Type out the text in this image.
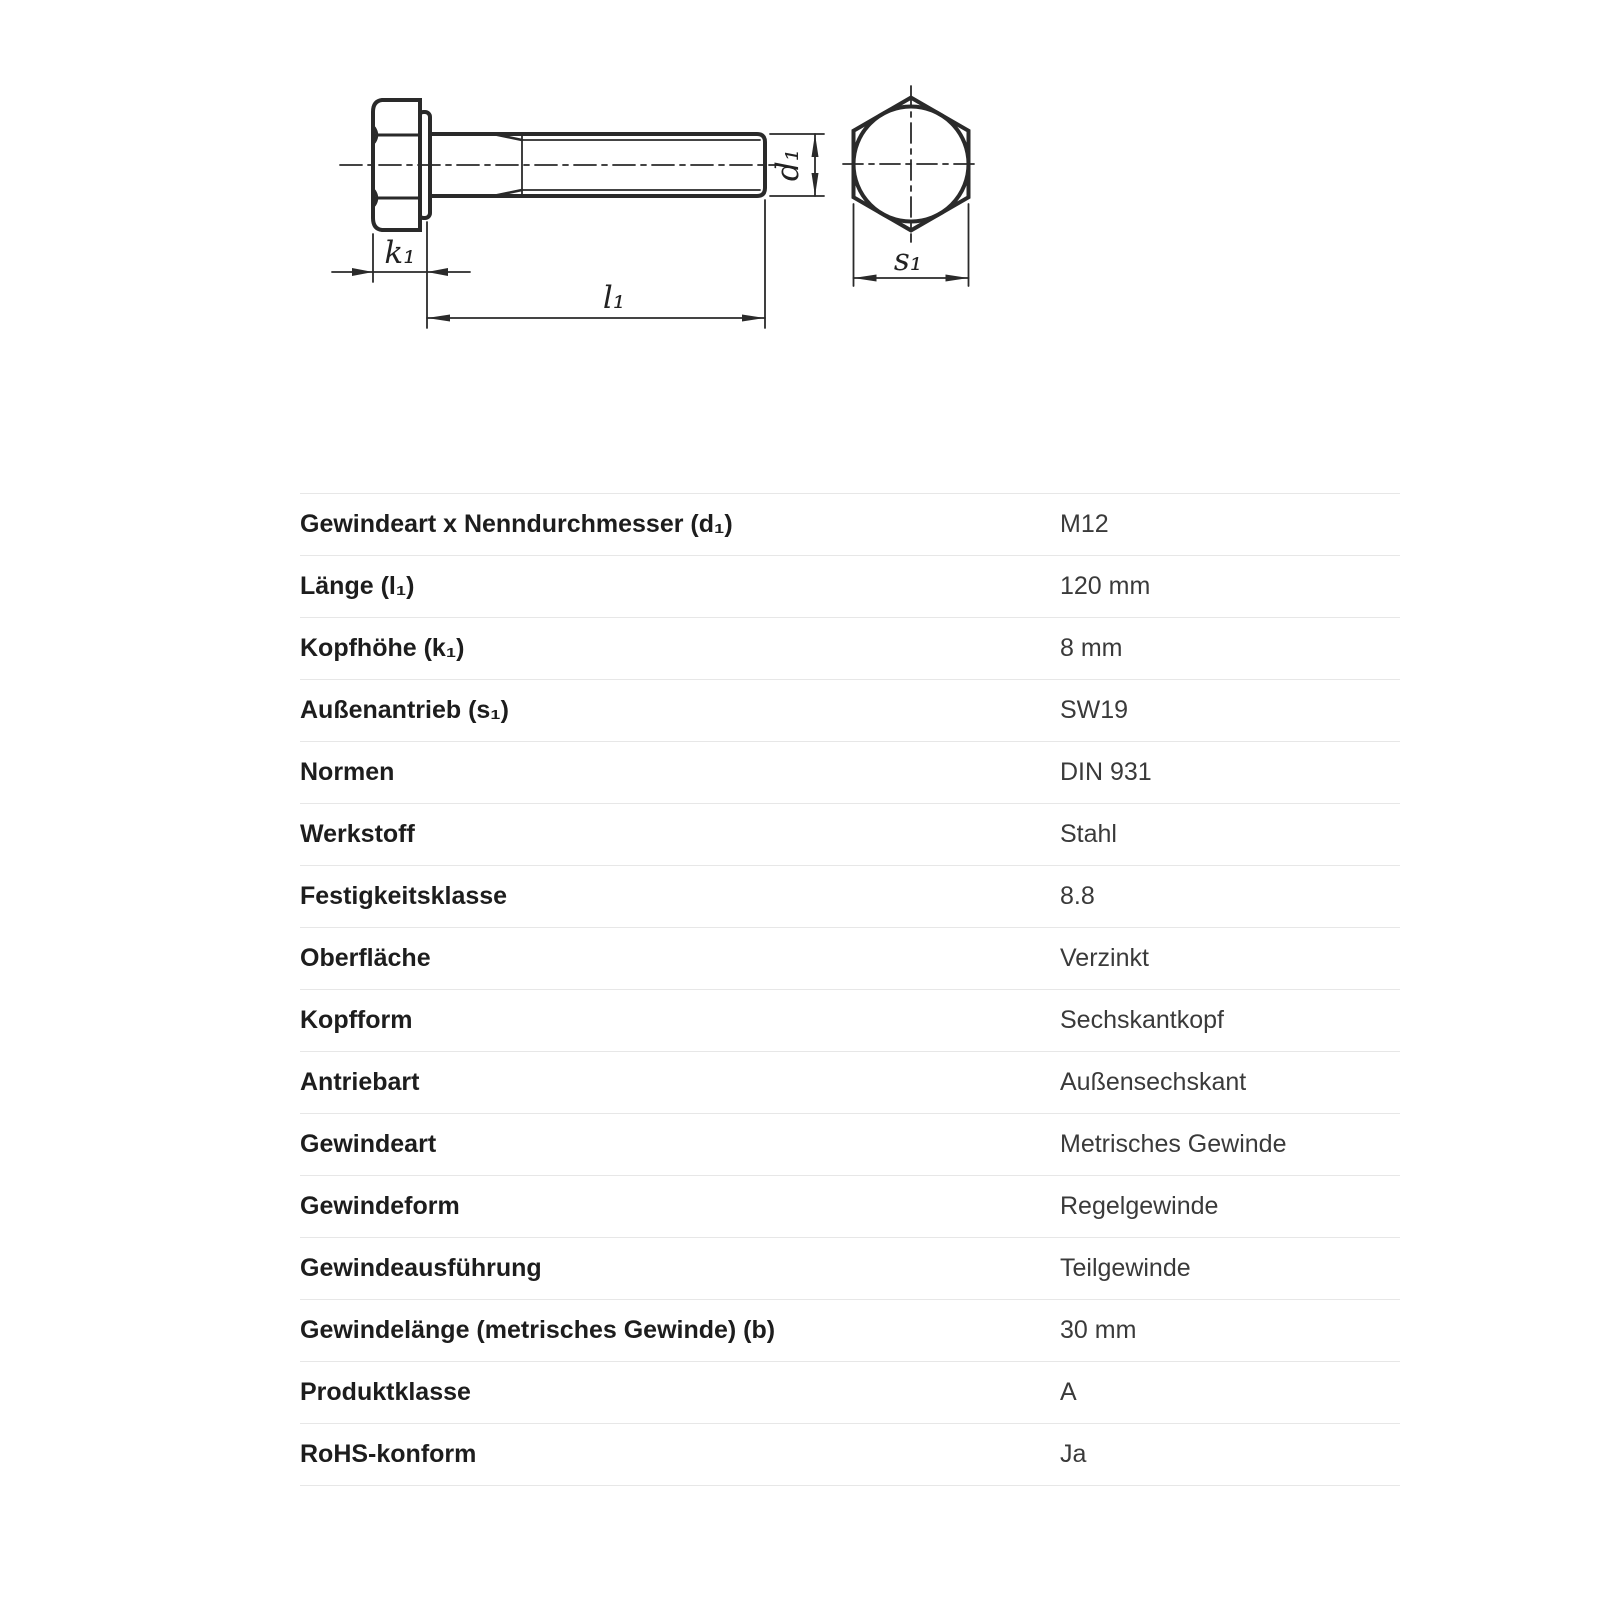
k₁
l₁
d₁
s₁
Gewindeart x Nenndurchmesser (d₁)	M12
Länge (l₁)	120 mm
Kopfhöhe (k₁)	8 mm
Außenantrieb (s₁)	SW19
Normen	DIN 931
Werkstoff	Stahl
Festigkeitsklasse	8.8
Oberfläche	Verzinkt
Kopfform	Sechskantkopf
Antriebart	Außensechskant
Gewindeart	Metrisches Gewinde
Gewindeform	Regelgewinde
Gewindeausführung	Teilgewinde
Gewindelänge (metrisches Gewinde) (b)	30 mm
Produktklasse	A
RoHS-konform	Ja
